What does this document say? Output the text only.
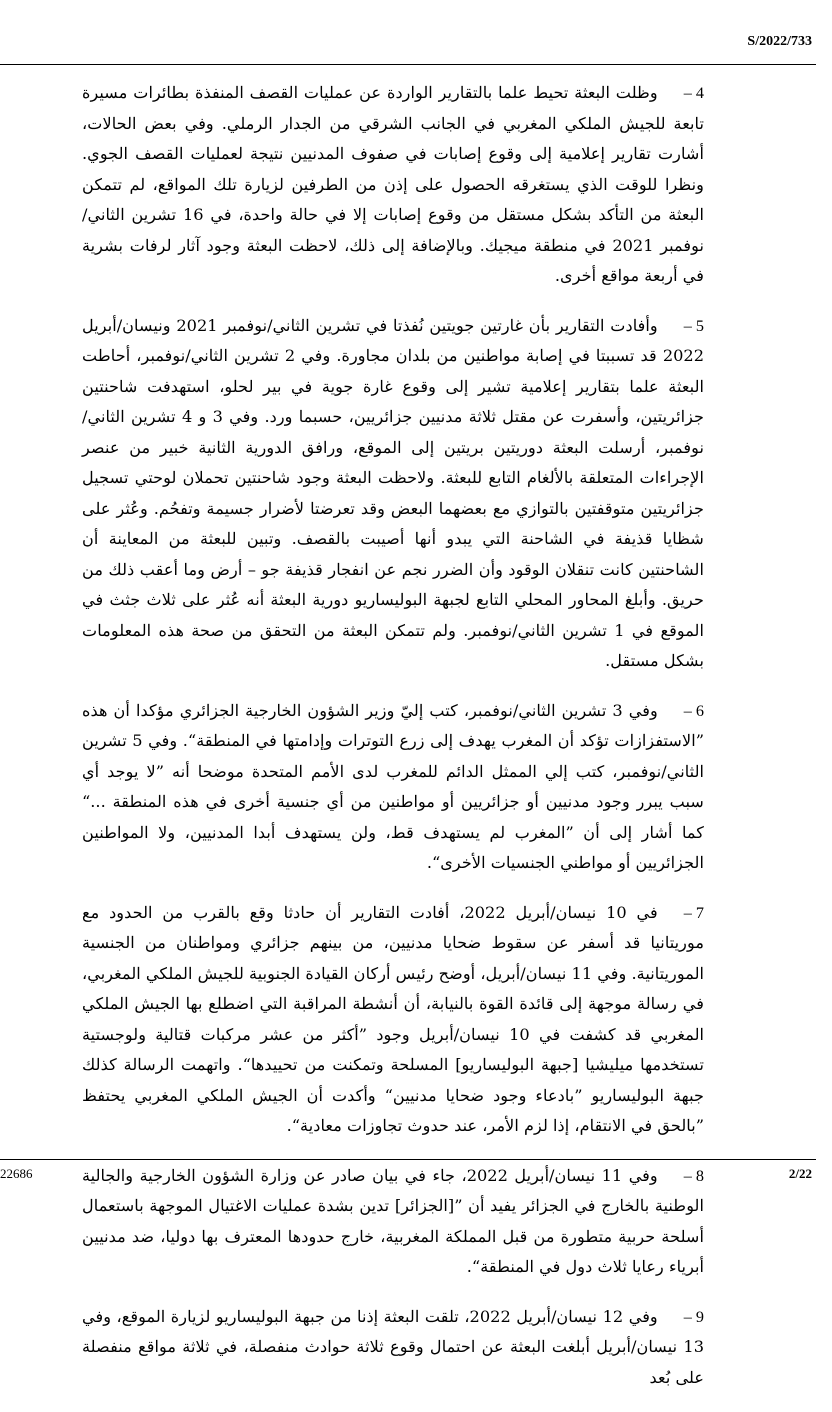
S/2022/733

4 –وظلت البعثة تحيط علما بالتقارير الواردة عن عمليات القصف المنفذة بطائرات مسيرة تابعة للجيش الملكي المغربي في الجانب الشرقي من الجدار الرملي. وفي بعض الحالات، أشارت تقارير إعلامية إلى وقوع إصابات في صفوف المدنيين نتيجة لعمليات القصف الجوي. ونظرا للوقت الذي يستغرقه الحصول على إذن من الطرفين لزيارة تلك المواقع، لم تتمكن البعثة من التأكد بشكل مستقل من وقوع إصابات إلا في حالة واحدة، في 16 تشرين الثاني/نوفمبر 2021 في منطقة ميجيك. وبالإضافة إلى ذلك، لاحظت البعثة وجود آثار لرفات بشرية في أربعة مواقع أخرى.

5 –وأفادت التقارير بأن غارتين جويتين نُفذتا في تشرين الثاني/نوفمبر 2021 ونيسان/أبريل 2022 قد تسببتا في إصابة مواطنين من بلدان مجاورة. وفي 2 تشرين الثاني/نوفمبر، أحاطت البعثة علما بتقارير إعلامية تشير إلى وقوع غارة جوية في بير لحلو، استهدفت شاحنتين جزائريتين، وأسفرت عن مقتل ثلاثة مدنيين جزائريين، حسبما ورد. وفي 3 و 4 تشرين الثاني/نوفمبر، أرسلت البعثة دوريتين بريتين إلى الموقع، ورافق الدورية الثانية خبير من عنصر الإجراءات المتعلقة بالألغام التابع للبعثة. ولاحظت البعثة وجود شاحنتين تحملان لوحتي تسجيل جزائريتين متوقفتين بالتوازي مع بعضهما البعض وقد تعرضتا لأضرار جسيمة وتفحُم. وعُثر على شظايا قذيفة في الشاحنة التي يبدو أنها أصيبت بالقصف. وتبين للبعثة من المعاينة أن الشاحنتين كانت تنقلان الوقود وأن الضرر نجم عن انفجار قذيفة جو – أرض وما أعقب ذلك من حريق. وأبلغ المحاور المحلي التابع لجبهة البوليساريو دورية البعثة أنه عُثر على ثلاث جثث في الموقع في 1 تشرين الثاني/نوفمبر. ولم تتمكن البعثة من التحقق من صحة هذه المعلومات بشكل مستقل.

6 –وفي 3 تشرين الثاني/نوفمبر، كتب إليّ وزير الشؤون الخارجية الجزائري مؤكدا أن هذه ”الاستفزازات تؤكد أن المغرب يهدف إلى زرع التوترات وإدامتها في المنطقة“. وفي 5 تشرين الثاني/نوفمبر، كتب إلي الممثل الدائم للمغرب لدى الأمم المتحدة موضحا أنه ”لا يوجد أي سبب يبرر وجود مدنيين أو جزائريين أو مواطنين من أي جنسية أخرى في هذه المنطقة ...“ كما أشار إلى أن ”المغرب لم يستهدف قط، ولن يستهدف أبدا المدنيين، ولا المواطنين الجزائريين أو مواطني الجنسيات الأخرى“.

7 –في 10 نيسان/أبريل 2022، أفادت التقارير أن حادثا وقع بالقرب من الحدود مع موريتانيا قد أسفر عن سقوط ضحايا مدنيين، من بينهم جزائري ومواطنان من الجنسية الموريتانية. وفي 11 نيسان/أبريل، أوضح رئيس أركان القيادة الجنوبية للجيش الملكي المغربي، في رسالة موجهة إلى قائدة القوة بالنيابة، أن أنشطة المراقبة التي اضطلع بها الجيش الملكي المغربي قد كشفت في 10 نيسان/أبريل وجود ”أكثر من عشر مركبات قتالية ولوجستية تستخدمها ميليشيا [جبهة البوليساريو] المسلحة وتمكنت من تحييدها“. واتهمت الرسالة كذلك جبهة البوليساريو ”بادعاء وجود ضحايا مدنيين“ وأكدت أن الجيش الملكي المغربي يحتفظ ”بالحق في الانتقام، إذا لزم الأمر، عند حدوث تجاوزات معادية“.

8 –وفي 11 نيسان/أبريل 2022، جاء في بيان صادر عن وزارة الشؤون الخارجية والجالية الوطنية بالخارج في الجزائر يفيد أن ”[الجزائر] تدين بشدة عمليات الاغتيال الموجهة باستعمال أسلحة حربية متطورة من قبل المملكة المغربية، خارج حدودها المعترف بها دوليا، ضد مدنيين أبرياء رعايا ثلاث دول في المنطقة“.

9 –وفي 12 نيسان/أبريل 2022، تلقت البعثة إذنا من جبهة البوليساريو لزيارة الموقع، وفي 13 نيسان/أبريل أبلغت البعثة عن احتمال وقوع ثلاثة حوادث منفصلة، في ثلاثة مواقع منفصلة على بُعد

22686	2/22
